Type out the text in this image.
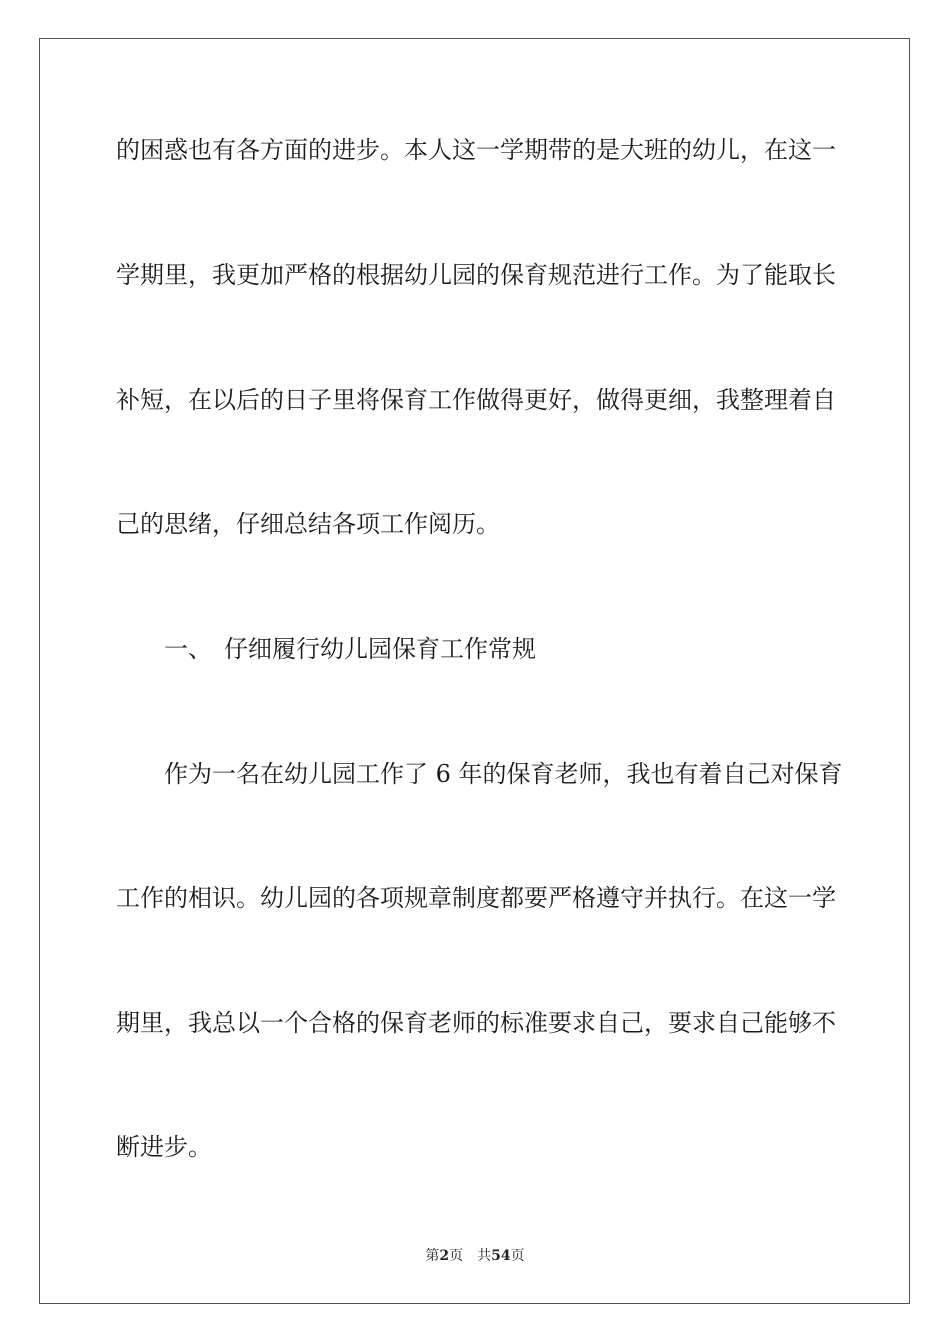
的困惑也有各方面的进步。本人这一学期带的是大班的幼儿，在这一
学期里，我更加严格的根据幼儿园的保育规范进行工作。为了能取长
补短，在以后的日子里将保育工作做得更好，做得更细，我整理着自
己的思绪，仔细总结各项工作阅历。
一、 仔细履行幼儿园保育工作常规
作为一名在幼儿园工作了 6 年的保育老师，我也有着自己对保育
工作的相识。幼儿园的各项规章制度都要严格遵守并执行。在这一学
期里，我总以一个合格的保育老师的标准要求自己，要求自己能够不
断进步。
第2页 共54页
